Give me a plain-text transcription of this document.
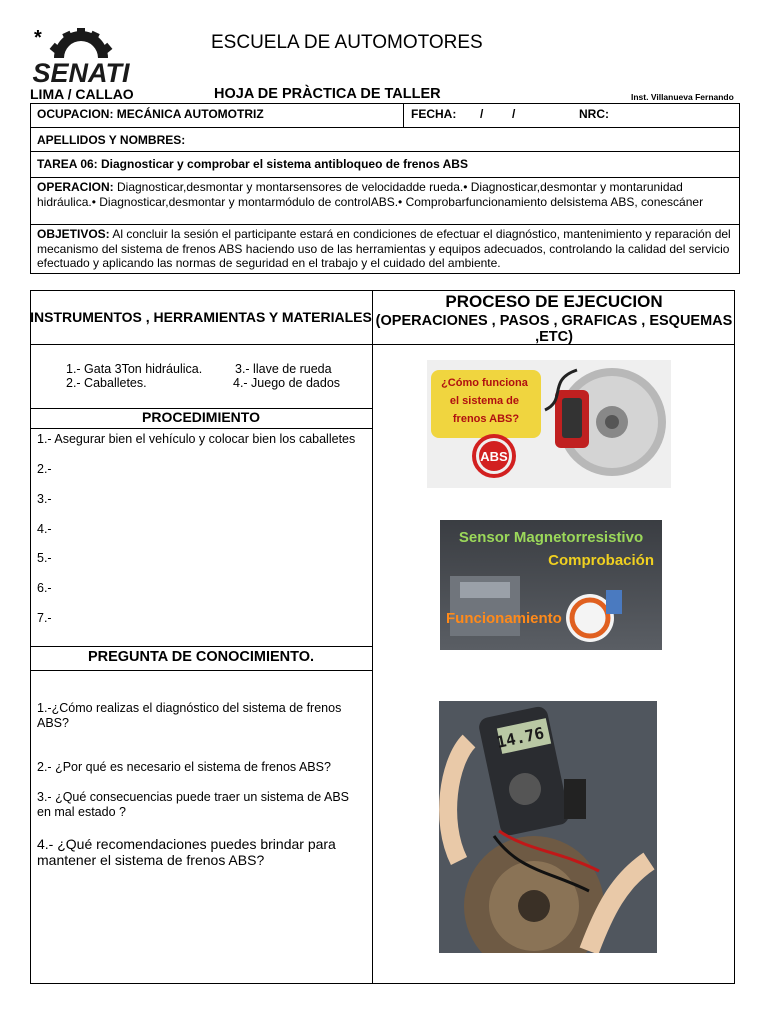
*
SENATI
ESCUELA DE AUTOMOTORES
LIMA / CALLAO	HOJA DE PRÀCTICA DE TALLER	Inst. Villanueva Fernando
OCUPACION: MECÁNICA AUTOMOTRIZ	FECHA: / /	NRC:
APELLIDOS Y NOMBRES:
TAREA 06: Diagnosticar y comprobar el sistema antibloqueo de frenos ABS
OPERACION: Diagnosticar,desmontar y montarsensores de velocidadde rueda.• Diagnosticar,desmontar y montarunidad hidráulica.• Diagnosticar,desmontar y montarmódulo de controlABS.• Comprobarfuncionamiento delsistema ABS, conescáner
OBJETIVOS: Al concluir la sesión el participante estará en condiciones de efectuar el diagnóstico, mantenimiento y reparación del mecanismo del sistema de frenos ABS haciendo uso de las herramientas y equipos adecuados, controlando la calidad del servicio efectuado y aplicando las normas de seguridad en el trabajo y el cuidado del ambiente.
INSTRUMENTOS , HERRAMIENTAS Y MATERIALES
PROCESO DE EJECUCION
(OPERACIONES , PASOS , GRAFICAS , ESQUEMAS ,ETC)
1.- Gata 3Ton hidráulica.
2.- Caballetes.
3.- llave de rueda
4.- Juego de dados
PROCEDIMIENTO
1.- Asegurar bien el vehículo y colocar bien los caballetes
2.-
3.-
4.-
5.-
6.-
7.-
PREGUNTA DE CONOCIMIENTO.
1.-¿Cómo realizas el diagnóstico del sistema de frenos ABS?
2.- ¿Por qué es necesario el sistema de frenos ABS?
3.- ¿Qué consecuencias puede traer un sistema de ABS en mal estado ?
4.- ¿Qué recomendaciones puedes brindar para mantener el sistema de frenos ABS?
¿Cómo funciona el sistema de frenos ABS?
ABS
Sensor Magnetorresistivo
Comprobación
Funcionamiento
14.76
